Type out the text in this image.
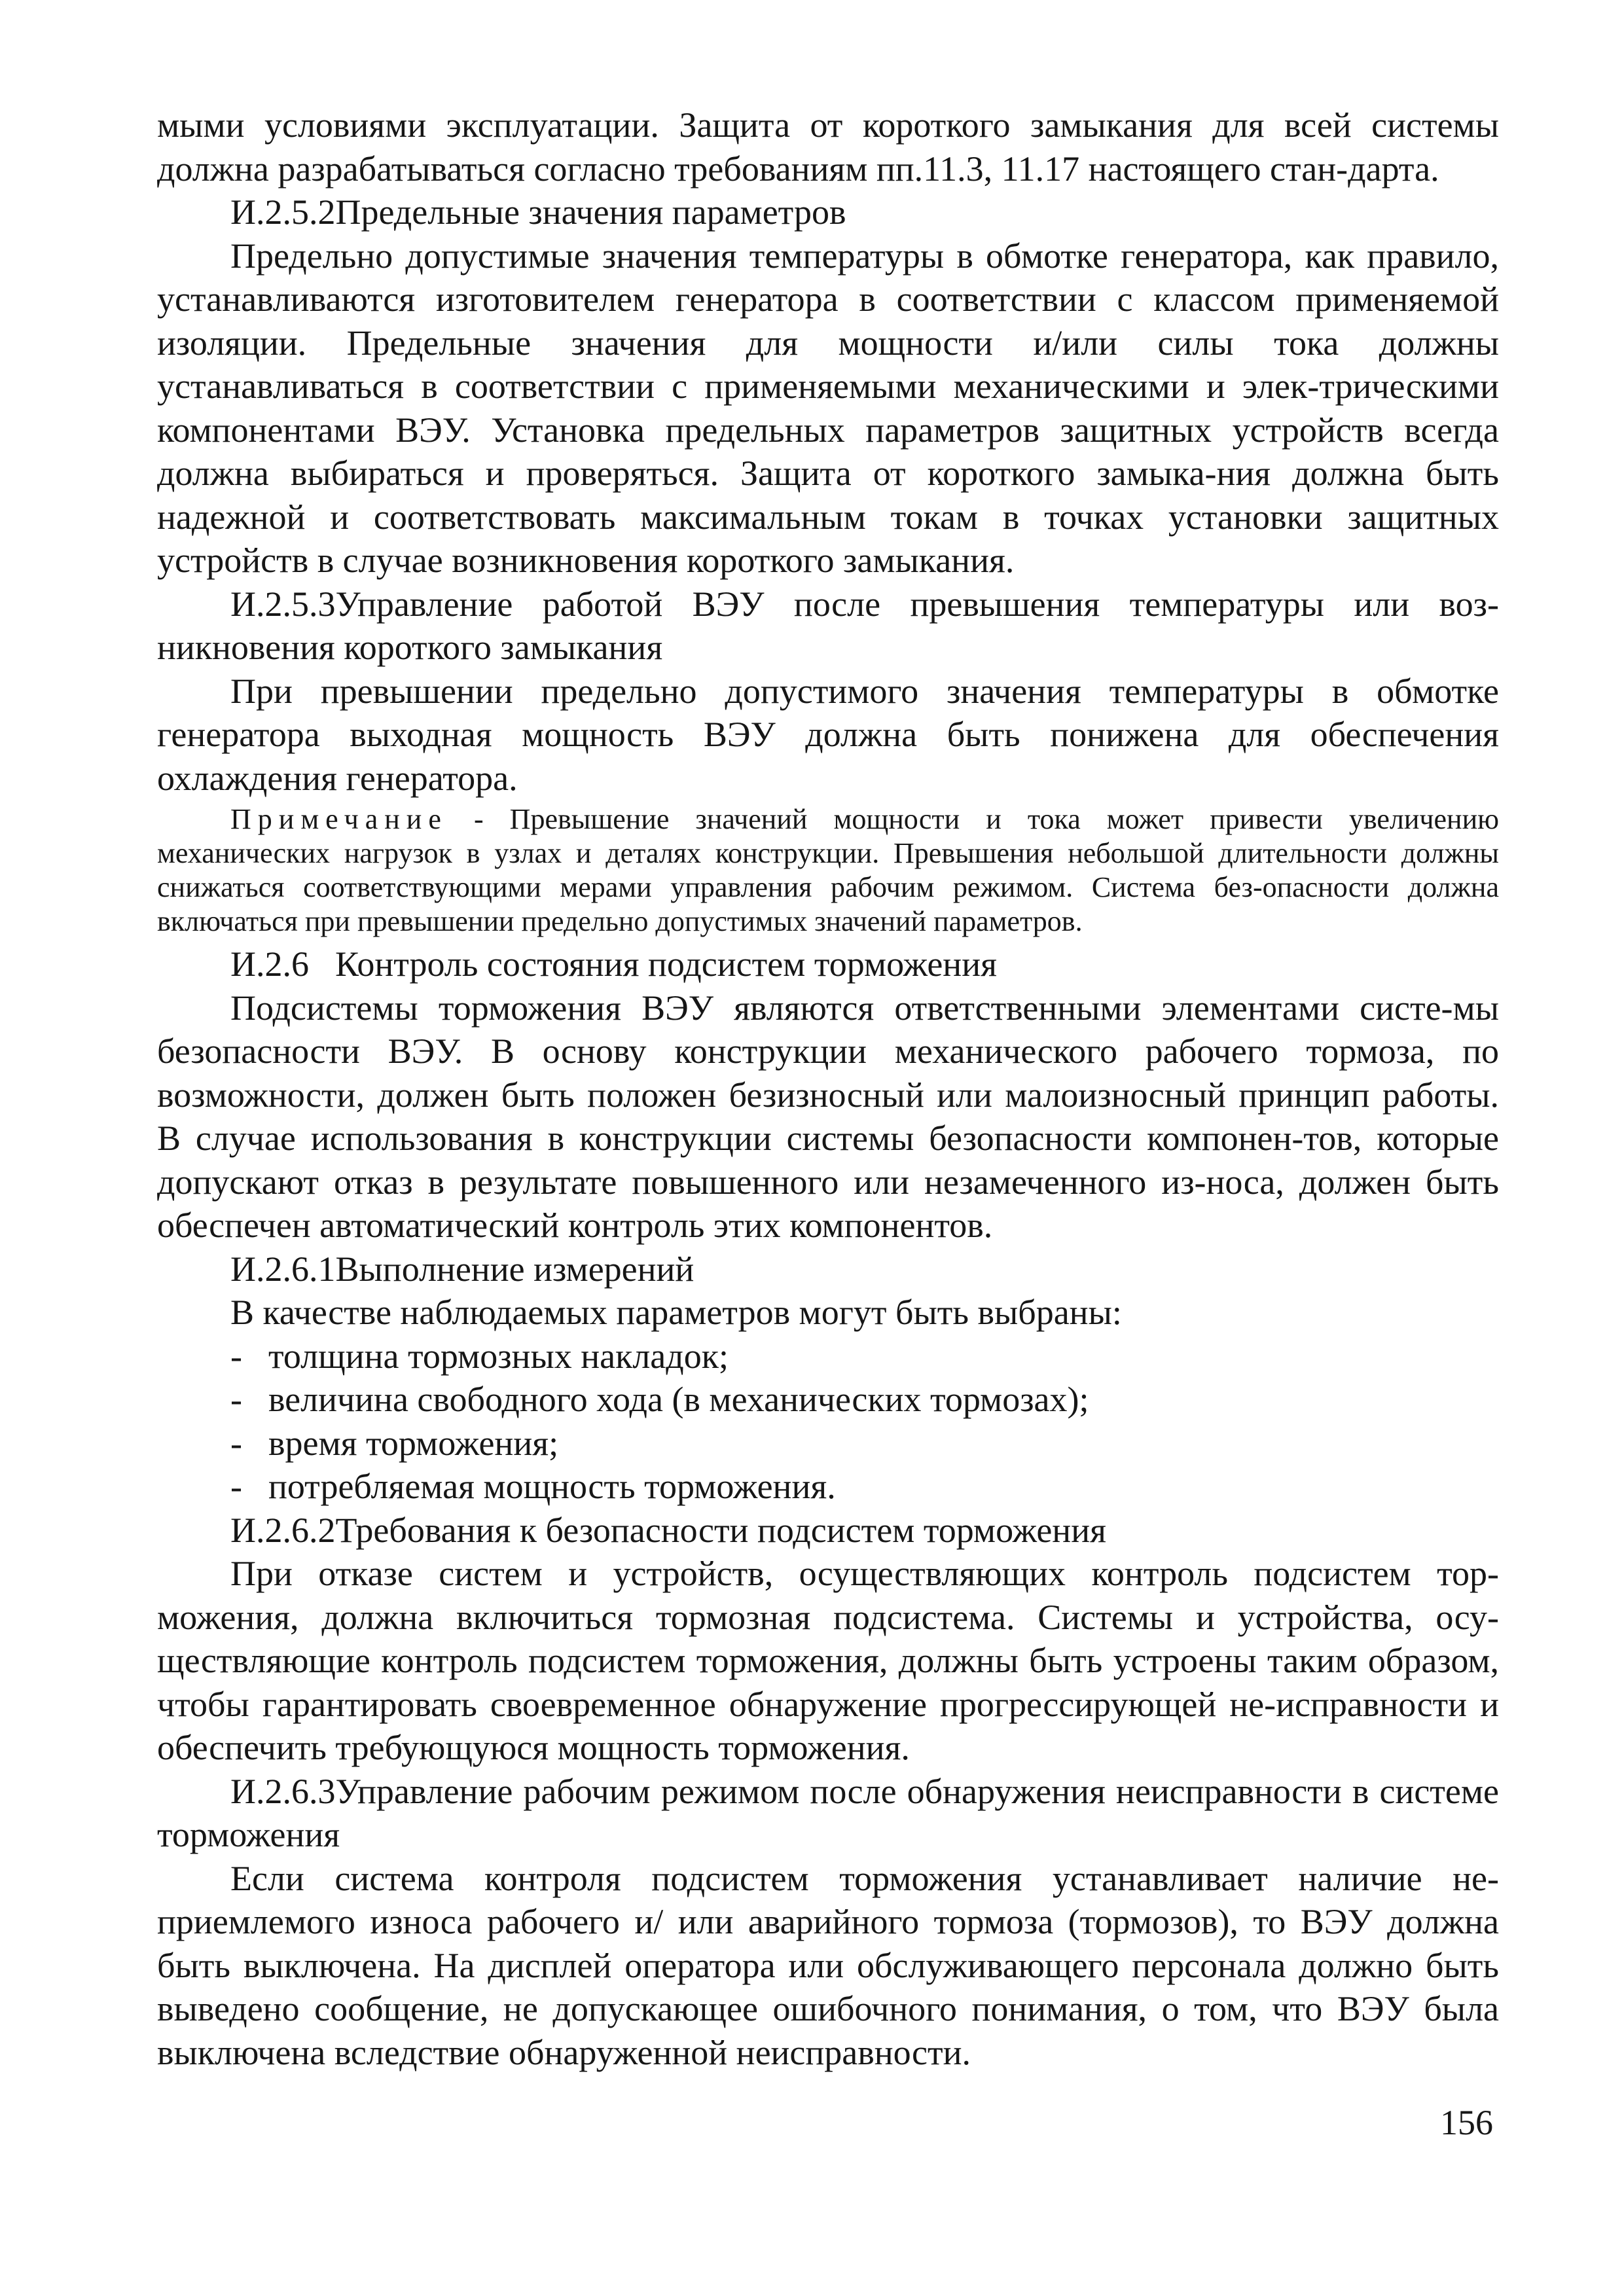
мыми условиями эксплуатации. Защита от короткого замыкания для всей системы должна разрабатываться согласно требованиям пп.11.3, 11.17 настоящего стан-дарта.

И.2.5.2Предельные значения параметров

Предельно допустимые значения температуры в обмотке генератора, как правило, устанавливаются изготовителем генератора в соответствии с классом применяемой изоляции. Предельные значения для мощности и/или силы тока должны устанавливаться в соответствии с применяемыми механическими и элек-трическими компонентами ВЭУ. Установка предельных параметров защитных устройств всегда должна выбираться и проверяться. Защита от короткого замыка-ния должна быть надежной и соответствовать максимальным токам в точках установки защитных устройств в случае возникновения короткого замыкания.

И.2.5.3Управление работой ВЭУ после превышения температуры или воз-никновения короткого замыкания

При превышении предельно допустимого значения температуры в обмотке генератора выходная мощность ВЭУ должна быть понижена для обеспечения охлаждения генератора.

Примечание - Превышение значений мощности и тока может привести увеличению механических нагрузок в узлах и деталях конструкции. Превышения небольшой длительности должны снижаться соответствующими мерами управления рабочим режимом. Система без-опасности должна включаться при превышении предельно допустимых значений параметров.

И.2.6 Контроль состояния подсистем торможения

Подсистемы торможения ВЭУ являются ответственными элементами систе-мы безопасности ВЭУ. В основу конструкции механического рабочего тормоза, по возможности, должен быть положен безизносный или малоизносный принцип работы. В случае использования в конструкции системы безопасности компонен-тов, которые допускают отказ в результате повышенного или незамеченного из-носа, должен быть обеспечен автоматический контроль этих компонентов.

И.2.6.1Выполнение измерений

В качестве наблюдаемых параметров могут быть выбраны:

- толщина тормозных накладок;
- величина свободного хода (в механических тормозах);
- время торможения;
- потребляемая мощность торможения.

И.2.6.2Требования к безопасности подсистем торможения

При отказе систем и устройств, осуществляющих контроль подсистем тор-можения, должна включиться тормозная подсистема. Системы и устройства, осу-ществляющие контроль подсистем торможения, должны быть устроены таким образом, чтобы гарантировать своевременное обнаружение прогрессирующей не-исправности и обеспечить требующуюся мощность торможения.

И.2.6.3Управление рабочим режимом после обнаружения неисправности в системе торможения

Если система контроля подсистем торможения устанавливает наличие не-приемлемого износа рабочего и/ или аварийного тормоза (тормозов), то ВЭУ должна быть выключена. На дисплей оператора или обслуживающего персонала должно быть выведено сообщение, не допускающее ошибочного понимания, о том, что ВЭУ была выключена вследствие обнаруженной неисправности.

156
